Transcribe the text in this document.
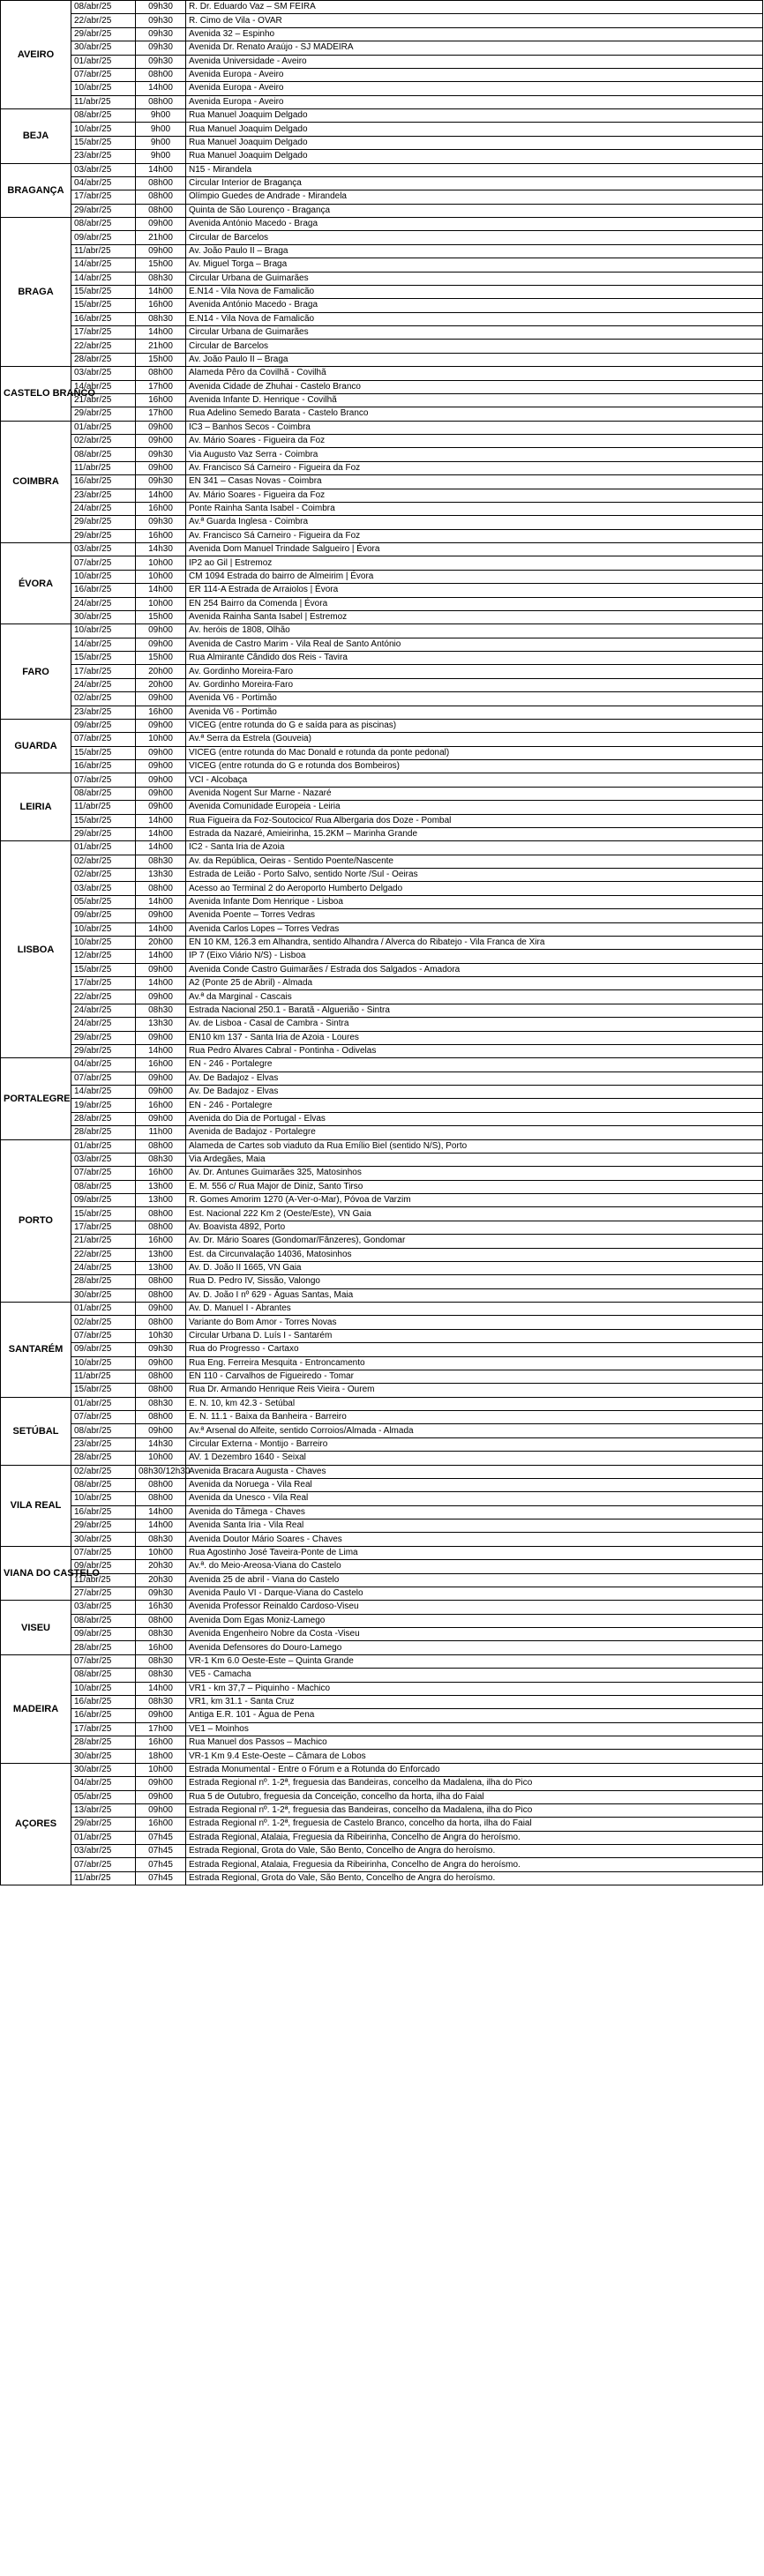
AVEIRO	08/abr/25	09h30	R. Dr. Eduardo Vaz – SM FEIRA
	22/abr/25	09h30	R. Cimo de Vila - OVAR
	29/abr/25	09h30	Avenida 32 – Espinho
	30/abr/25	09h30	Avenida Dr. Renato Araújo - SJ MADEIRA
	01/abr/25	09h30	Avenida Universidade - Aveiro
	07/abr/25	08h00	Avenida Europa - Aveiro
	10/abr/25	14h00	Avenida Europa - Aveiro
	11/abr/25	08h00	Avenida Europa - Aveiro
BEJA	08/abr/25	9h00	Rua Manuel Joaquim Delgado
	10/abr/25	9h00	Rua Manuel Joaquim Delgado
	15/abr/25	9h00	Rua Manuel Joaquim Delgado
	23/abr/25	9h00	Rua Manuel Joaquim Delgado
BRAGANÇA	03/abr/25	14h00	N15 - Mirandela
	04/abr/25	08h00	Circular Interior de Bragança
	17/abr/25	08h00	Olímpio Guedes de Andrade - Mirandela
	29/abr/25	08h00	Quinta de São Lourenço - Bragança
BRAGA	08/abr/25	09h00	Avenida António Macedo - Braga
	09/abr/25	21h00	Circular de Barcelos
	11/abr/25	09h00	Av. João Paulo II – Braga
	14/abr/25	15h00	Av. Miguel Torga – Braga
	14/abr/25	08h30	Circular Urbana de Guimarães
	15/abr/25	14h00	E.N14 - Vila Nova de Famalicão
	15/abr/25	16h00	Avenida António Macedo - Braga
	16/abr/25	08h30	E.N14 - Vila Nova de Famalicão
	17/abr/25	14h00	Circular Urbana de Guimarães
	22/abr/25	21h00	Circular de Barcelos
	28/abr/25	15h00	Av. João Paulo II – Braga
CASTELO BRANCO	03/abr/25	08h00	Alameda Pêro da Covilhã - Covilhã
	14/abr/25	17h00	Avenida Cidade de Zhuhai - Castelo Branco
	21/abr/25	16h00	Avenida Infante D. Henrique - Covilhã
	29/abr/25	17h00	Rua Adelino Semedo Barata - Castelo Branco
COIMBRA	01/abr/25	09h00	IC3 – Banhos Secos - Coimbra
	02/abr/25	09h00	Av. Mário Soares - Figueira da Foz
	08/abr/25	09h30	Via Augusto Vaz Serra - Coimbra
	11/abr/25	09h00	Av. Francisco Sá Carneiro - Figueira da Foz
	16/abr/25	09h30	EN 341 – Casas Novas - Coimbra
	23/abr/25	14h00	Av. Mário Soares - Figueira da Foz
	24/abr/25	16h00	Ponte Rainha Santa Isabel - Coimbra
	29/abr/25	09h30	Av.ª Guarda Inglesa - Coimbra
	29/abr/25	16h00	Av. Francisco Sá Carneiro - Figueira da Foz
ÉVORA	03/abr/25	14h30	Avenida Dom Manuel Trindade Salgueiro | Évora
	07/abr/25	10h00	IP2 ao Gil | Estremoz
	10/abr/25	10h00	CM 1094 Estrada do bairro de Almeirim | Évora
	16/abr/25	14h00	ER 114-A Estrada de Arraiolos | Évora
	24/abr/25	10h00	EN 254 Bairro da Comenda | Évora
	30/abr/25	15h00	Avenida Rainha Santa Isabel | Estremoz
FARO	10/abr/25	09h00	Av. heróis de 1808, Olhão
	14/abr/25	09h00	Avenida de Castro Marim - Vila Real de Santo António
	15/abr/25	15h00	Rua Almirante Cândido dos Reis - Tavira
	17/abr/25	20h00	Av. Gordinho Moreira-Faro
	24/abr/25	20h00	Av. Gordinho Moreira-Faro
	02/abr/25	09h00	Avenida V6 - Portimão
	23/abr/25	16h00	Avenida V6 - Portimão
GUARDA	09/abr/25	09h00	VICEG (entre rotunda do G e saída para as piscinas)
	07/abr/25	10h00	Av.ª Serra da Estrela (Gouveia)
	15/abr/25	09h00	VICEG (entre rotunda do Mac Donald e rotunda da ponte pedonal)
	16/abr/25	09h00	VICEG (entre rotunda do G e rotunda dos Bombeiros)
LEIRIA	07/abr/25	09h00	VCI - Alcobaça
	08/abr/25	09h00	Avenida Nogent Sur Marne - Nazaré
	11/abr/25	09h00	Avenida Comunidade Europeia - Leiria
	15/abr/25	14h00	Rua Figueira da Foz-Soutocico/ Rua Albergaria dos Doze - Pombal
	29/abr/25	14h00	Estrada da Nazaré, Amieirinha, 15.2KM – Marinha Grande
LISBOA	01/abr/25	14h00	IC2 - Santa Iria de Azoia
	02/abr/25	08h30	Av. da República, Oeiras - Sentido Poente/Nascente
	02/abr/25	13h30	Estrada de Leião - Porto Salvo, sentido Norte /Sul - Oeiras
	03/abr/25	08h00	Acesso ao Terminal 2 do Aeroporto Humberto Delgado
	05/abr/25	14h00	Avenida Infante Dom Henrique - Lisboa
	09/abr/25	09h00	Avenida Poente – Torres Vedras
	10/abr/25	14h00	Avenida Carlos Lopes – Torres Vedras
	10/abr/25	20h00	EN 10 KM, 126.3 em Alhandra, sentido Alhandra / Alverca do Ribatejo - Vila Franca de Xira
	12/abr/25	14h00	IP 7 (Eixo Viário N/S) - Lisboa
	15/abr/25	09h00	Avenida Conde Castro Guimarães / Estrada dos Salgados - Amadora
	17/abr/25	14h00	A2 (Ponte 25 de Abril) - Almada
	22/abr/25	09h00	Av.ª da Marginal - Cascais
	24/abr/25	08h30	Estrada Nacional 250.1 - Baratã - Alguerião - Sintra
	24/abr/25	13h30	Av. de Lisboa - Casal de Cambra - Sintra
	29/abr/25	09h00	EN10 km 137 - Santa Iria de Azoia - Loures
	29/abr/25	14h00	Rua Pedro Álvares Cabral - Pontinha - Odivelas
PORTALEGRE	04/abr/25	16h00	EN - 246 - Portalegre
	07/abr/25	09h00	Av. De Badajoz - Elvas
	14/abr/25	09h00	Av. De Badajoz - Elvas
	19/abr/25	16h00	EN - 246 - Portalegre
	28/abr/25	09h00	Avenida do Dia de Portugal - Elvas
	28/abr/25	11h00	Avenida de Badajoz - Portalegre
PORTO	01/abr/25	08h00	Alameda de Cartes sob viaduto da Rua Emílio Biel (sentido N/S), Porto
	03/abr/25	08h30	Via Ardegães, Maia
	07/abr/25	16h00	Av. Dr. Antunes Guimarães 325, Matosinhos
	08/abr/25	13h00	E. M. 556 c/ Rua Major de Diniz, Santo Tirso
	09/abr/25	13h00	R. Gomes Amorim 1270 (A-Ver-o-Mar), Póvoa de Varzim
	15/abr/25	08h00	Est. Nacional 222 Km 2 (Oeste/Este), VN Gaia
	17/abr/25	08h00	Av. Boavista 4892, Porto
	21/abr/25	16h00	Av. Dr. Mário Soares (Gondomar/Fânzeres), Gondomar
	22/abr/25	13h00	Est. da Circunvalação 14036, Matosinhos
	24/abr/25	13h00	Av. D. João II 1665, VN Gaia
	28/abr/25	08h00	Rua D. Pedro IV, Sissão, Valongo
	30/abr/25	08h00	Av. D. João I nº 629 - Águas Santas, Maia
SANTARÉM	01/abr/25	09h00	Av. D. Manuel I - Abrantes
	02/abr/25	08h00	Variante do Bom Amor - Torres Novas
	07/abr/25	10h30	Circular Urbana D. Luís I - Santarém
	09/abr/25	09h30	Rua do Progresso - Cartaxo
	10/abr/25	09h00	Rua Eng. Ferreira Mesquita - Entroncamento
	11/abr/25	08h00	EN 110 - Carvalhos de Figueiredo - Tomar
	15/abr/25	08h00	Rua Dr. Armando Henrique Reis Vieira - Ourem
SETÚBAL	01/abr/25	08h30	E. N. 10, km 42.3 - Setúbal
	07/abr/25	08h00	E. N. 11.1 - Baixa da Banheira - Barreiro
	08/abr/25	09h00	Av.ª Arsenal do Alfeite, sentido Corroios/Almada - Almada
	23/abr/25	14h30	Circular Externa - Montijo - Barreiro
	28/abr/25	10h00	AV. 1 Dezembro 1640 - Seixal
VILA REAL	02/abr/25	08h30/12h30	Avenida Bracara Augusta - Chaves
	08/abr/25	08h00	Avenida da Noruega - Vila Real
	10/abr/25	08h00	Avenida da Unesco - Vila Real
	16/abr/25	14h00	Avenida do Tâmega - Chaves
	29/abr/25	14h00	Avenida Santa Iria - Vila Real
	30/abr/25	08h30	Avenida Doutor Mário Soares - Chaves
VIANA DO CASTELO	07/abr/25	10h00	Rua Agostinho José Taveira-Ponte de Lima
	09/abr/25	20h30	Av.ª. do Meio-Areosa-Viana do Castelo
	11/abr/25	20h30	Avenida 25 de abril - Viana do Castelo
	27/abr/25	09h30	Avenida Paulo VI - Darque-Viana do Castelo
VISEU	03/abr/25	16h30	Avenida Professor Reinaldo Cardoso-Viseu
	08/abr/25	08h00	Avenida Dom Egas Moniz-Lamego
	09/abr/25	08h30	Avenida Engenheiro Nobre da Costa -Viseu
	28/abr/25	16h00	Avenida Defensores do Douro-Lamego
MADEIRA	07/abr/25	08h30	VR-1 Km 6.0 Oeste-Este – Quinta Grande
	08/abr/25	08h30	VE5 - Camacha
	10/abr/25	14h00	VR1 - km 37,7 – Piquinho - Machico
	16/abr/25	08h30	VR1, km 31.1 - Santa Cruz
	16/abr/25	09h00	Antiga E.R. 101 - Água de Pena
	17/abr/25	17h00	VE1 – Moinhos
	28/abr/25	16h00	Rua Manuel dos Passos – Machico
	30/abr/25	18h00	VR-1 Km 9.4 Este-Oeste – Câmara de Lobos
AÇORES	30/abr/25	10h00	Estrada Monumental - Entre o Fórum e a Rotunda do Enforcado
	04/abr/25	09h00	Estrada Regional nº. 1-2ª, freguesia das Bandeiras, concelho da Madalena, ilha do Pico
	05/abr/25	09h00	Rua 5 de Outubro, freguesia da Conceição, concelho da horta, ilha do Faial
	13/abr/25	09h00	Estrada Regional nº. 1-2ª, freguesia das Bandeiras, concelho da Madalena, ilha do Pico
	29/abr/25	16h00	Estrada Regional nº. 1-2ª, freguesia de Castelo Branco, concelho da horta, ilha do Faial
	01/abr/25	07h45	Estrada Regional, Atalaia, Freguesia da Ribeirinha, Concelho de Angra do heroísmo.
	03/abr/25	07h45	Estrada Regional, Grota do Vale, São Bento, Concelho de Angra do heroísmo.
	07/abr/25	07h45	Estrada Regional, Atalaia, Freguesia da Ribeirinha, Concelho de Angra do heroísmo.
	11/abr/25	07h45	Estrada Regional, Grota do Vale, São Bento, Concelho de Angra do heroísmo.
